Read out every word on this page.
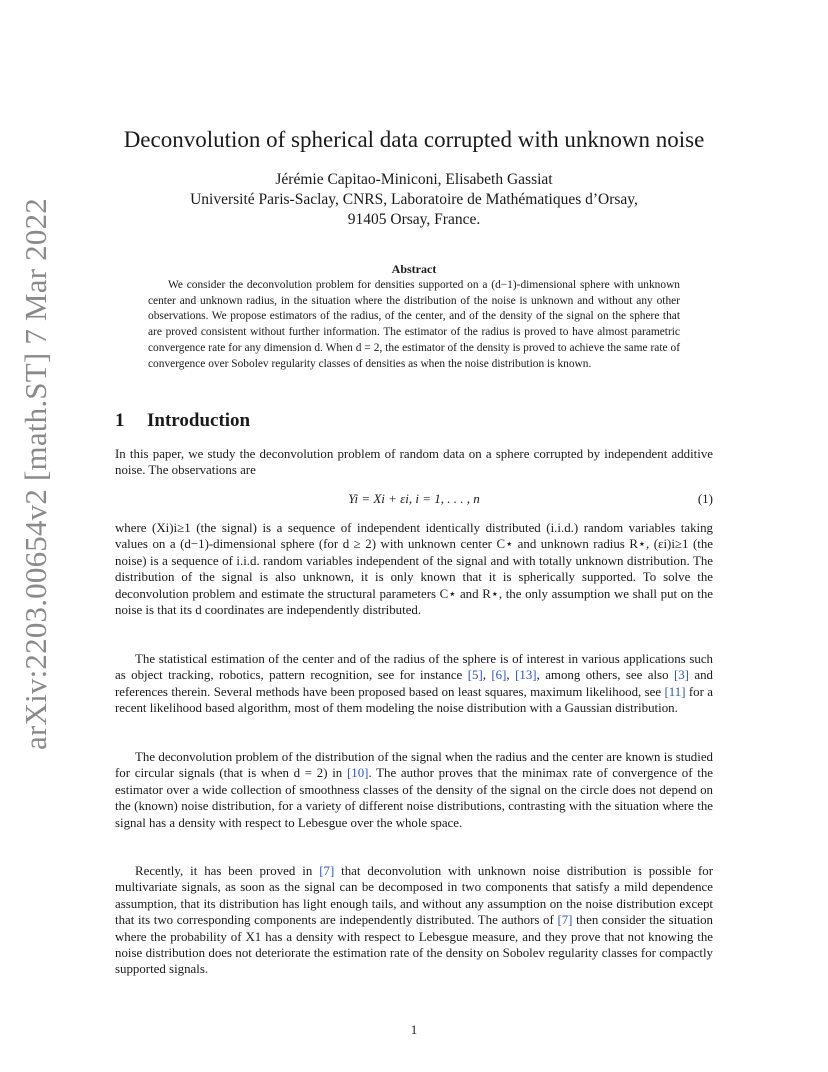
arXiv:2203.00654v2 [math.ST] 7 Mar 2022
Deconvolution of spherical data corrupted with unknown noise
Jérémie Capitao-Miniconi, Elisabeth Gassiat
Université Paris-Saclay, CNRS, Laboratoire de Mathématiques d’Orsay,
91405 Orsay, France.
Abstract

We consider the deconvolution problem for densities supported on a (d−1)-dimensional sphere with unknown center and unknown radius, in the situation where the distribution of the noise is unknown and without any other observations. We propose estimators of the radius, of the center, and of the density of the signal on the sphere that are proved consistent without further information. The estimator of the radius is proved to have almost parametric convergence rate for any dimension d. When d = 2, the estimator of the density is proved to achieve the same rate of convergence over Sobolev regularity classes of densities as when the noise distribution is known.

1 Introduction

In this paper, we study the deconvolution problem of random data on a sphere corrupted by independent additive noise. The observations are

Yi = Xi + εi, i = 1, . . . , n	(1)

where (Xi)i≥1 (the signal) is a sequence of independent identically distributed (i.i.d.) random variables taking values on a (d−1)-dimensional sphere (for d ≥ 2) with unknown center C⋆ and unknown radius R⋆, (εi)i≥1 (the noise) is a sequence of i.i.d. random variables independent of the signal and with totally unknown distribution. The distribution of the signal is also unknown, it is only known that it is spherically supported. To solve the deconvolution problem and estimate the structural parameters C⋆ and R⋆, the only assumption we shall put on the noise is that its d coordinates are independently distributed.

The statistical estimation of the center and of the radius of the sphere is of interest in various applications such as object tracking, robotics, pattern recognition, see for instance [5], [6], [13], among others, see also [3] and references therein. Several methods have been proposed based on least squares, maximum likelihood, see [11] for a recent likelihood based algorithm, most of them modeling the noise distribution with a Gaussian distribution.

The deconvolution problem of the distribution of the signal when the radius and the center are known is studied for circular signals (that is when d = 2) in [10]. The author proves that the minimax rate of convergence of the estimator over a wide collection of smoothness classes of the density of the signal on the circle does not depend on the (known) noise distribution, for a variety of different noise distributions, contrasting with the situation where the signal has a density with respect to Lebesgue over the whole space.

Recently, it has been proved in [7] that deconvolution with unknown noise distribution is possible for multivariate signals, as soon as the signal can be decomposed in two components that satisfy a mild dependence assumption, that its distribution has light enough tails, and without any assumption on the noise distribution except that its two corresponding components are independently distributed. The authors of [7] then consider the situation where the probability of X1 has a density with respect to Lebesgue measure, and they prove that not knowing the noise distribution does not deteriorate the estimation rate of the density on Sobolev regularity classes for compactly supported signals.

1
